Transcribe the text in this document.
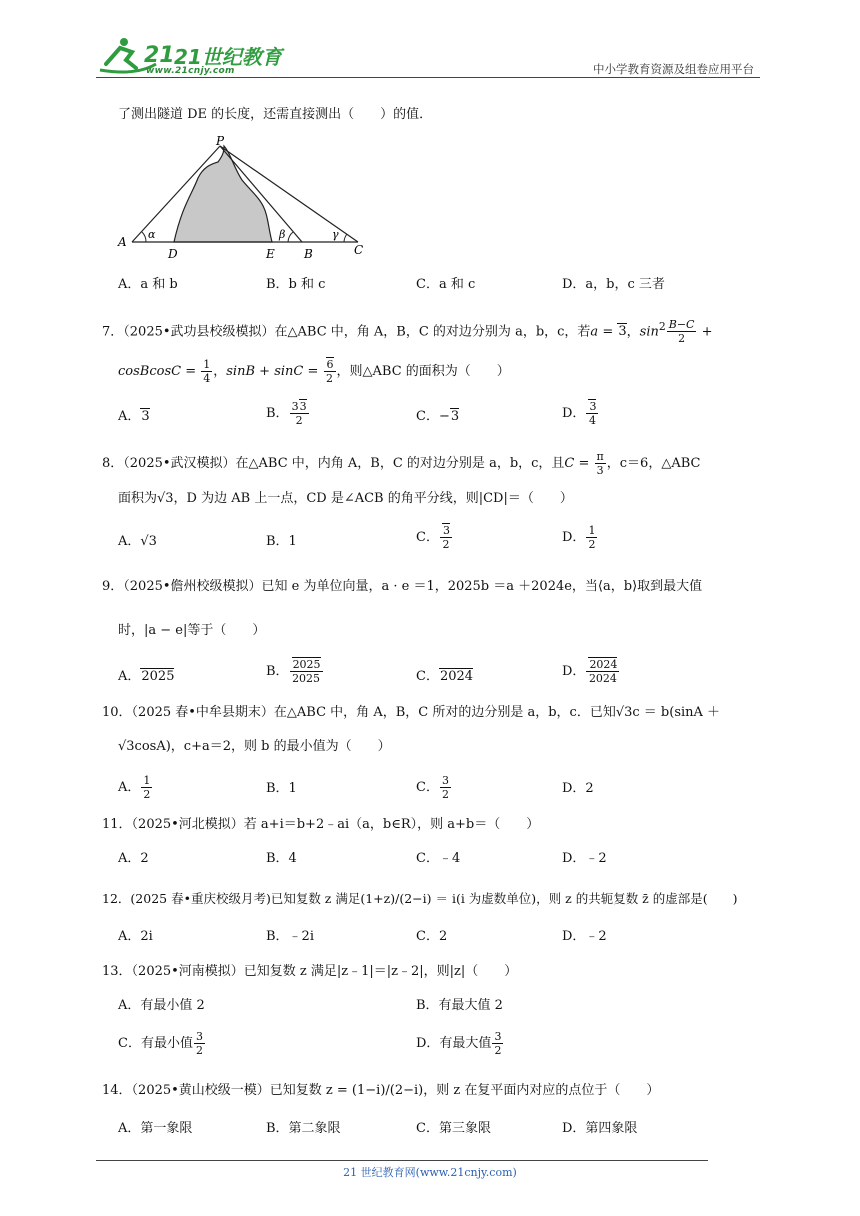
21 21世纪教育
www.21cnjy.com	中小学教育资源及组卷应用平台
了测出隧道 DE 的长度，还需直接测出（　　）的值．
P
A
D	E B	C
α	β	γ
A．a 和 b	B．b 和 c	C．a 和 c	D．a，b，c 三者
7．（2025•武功县校级模拟）在△ABC 中，角 A，B，C 的对边分别为 a，b，c，若a = 3，$\sin^2 \frac{B-C}{2}$ +
cosBcosC = $\frac{1}{4}$ ，$\sin B + \sin C = \frac{6}{2}$ ，则△ABC 的面积为（　　）
A．3	B． $\frac{33}{2}$	C．−3	D． $\frac{3}{4}$
8．（2025•武汉模拟）在△ABC 中，内角 A，B，C 的对边分别是 a，b，c，且$C = \frac{\pi}{3}$ ，c＝6，△ABC
面积为√3，D 为边 AB 上一点，CD 是∠ACB 的角平分线，则|CD|＝（　　）
A．√3	B．1	C． $\frac{3}{2}$	D． $\frac{1}{2}$
9．（2025•儋州校级模拟）已知 e 为单位向量，a · e ＝1，2025b ＝a ＋2024e，当⟨a，b⟩取到最大值
时，|a − e|等于（　　）
A．2025	B． $\frac{2025}{2025}$	C．2024	D． $\frac{2024}{2024}$
10．（2025 春•中牟县期末）在△ABC 中，角 A，B，C 所对的边分别是 a，b，c．已知√3c ＝ b(sinA ＋
√3cosA)，c+a＝2，则 b 的最小值为（　　）
A． $\frac{1}{2}$	B．1	C． $\frac{3}{2}$	D．2
11．（2025•河北模拟）若 a+i＝b+2﹣ai（a，b∈R），则 a+b＝（　　）
A．2	B．4	C．﹣4	D．﹣2
12．(2025 春•重庆校级月考)已知复数 z 满足(1+z)/(2−i) ＝ i(i 为虚数单位)，则 z 的共轭复数 z̄ 的虚部是(　　)
A．2i	B．﹣2i	C．2	D．﹣2
13．（2025•河南模拟）已知复数 z 满足|z﹣1|＝|z﹣2|，则|z|（　　）
A．有最小值 2	B．有最大值 2
C．有最小值 $\frac{3}{2}$	D．有最大值 $\frac{3}{2}$
14．（2025•黄山校级一模）已知复数 z = (1−i)/(2−i)，则 z 在复平面内对应的点位于（　　）
A．第一象限	B．第二象限	C．第三象限	D．第四象限
21 世纪教育网(www.21cnjy.com)
